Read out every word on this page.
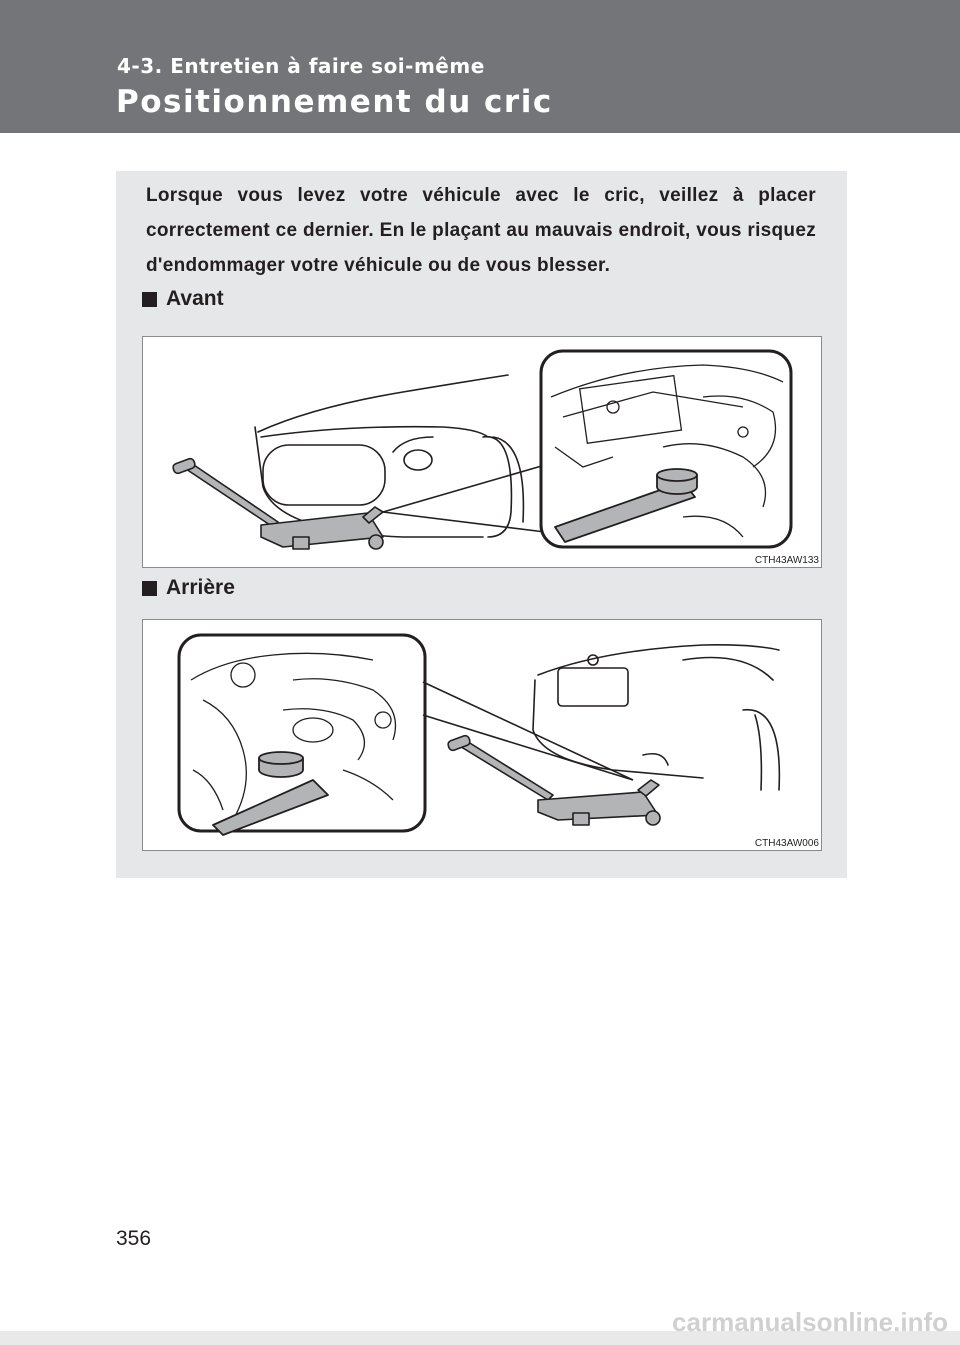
4-3. Entretien à faire soi-même
Positionnement du cric
Lorsque vous levez votre véhicule avec le cric, veillez à placer correctement ce dernier. En le plaçant au mauvais endroit, vous risquez d'endommager votre véhicule ou de vous blesser.
Avant
CTH43AW133
Arrière
CTH43AW006
356
carmanualsonline.info
